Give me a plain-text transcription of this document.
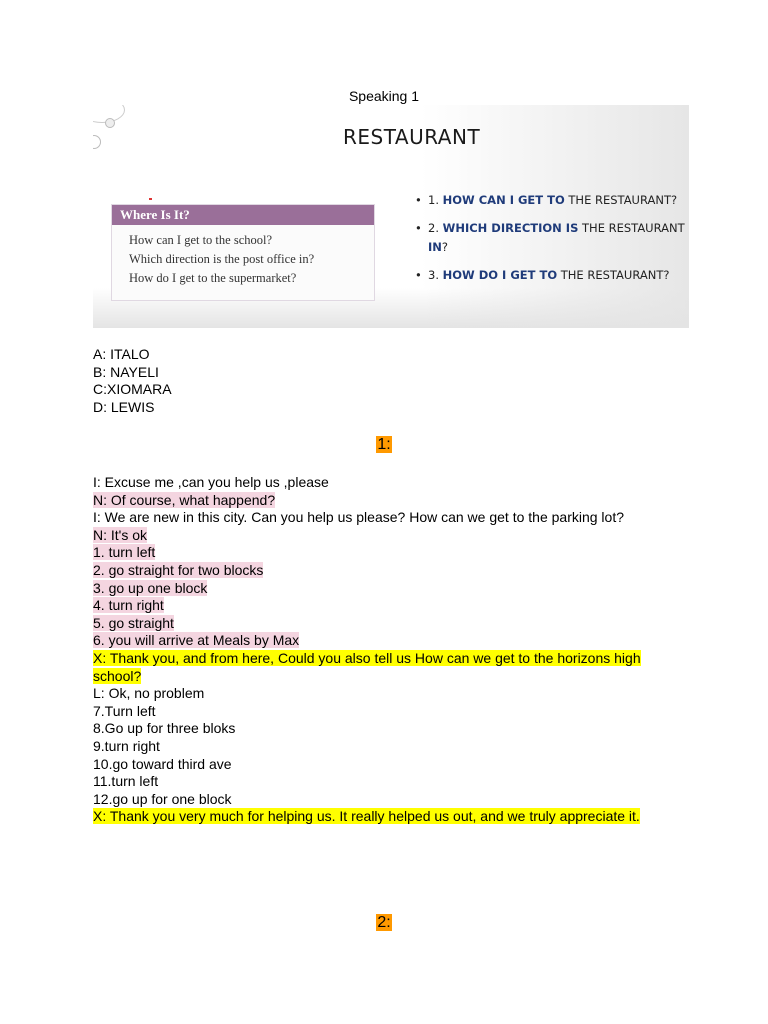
Speaking 1
RESTAURANT
Where Is It?
How can I get to the school?
Which direction is the post office in?
How do I get to the supermarket?
• 1. HOW CAN I GET TO THE RESTAURANT?
• 2. WHICH DIRECTION IS THE RESTAURANT IN?
• 3. HOW DO I GET TO THE RESTAURANT?
A: ITALO
B: NAYELI
C:XIOMARA
D: LEWIS
1:
I: Excuse me ,can you help us ,please
N: Of course, what happend?
I: We are new in this city. Can you help us please? How can we get to the parking lot?
N: It's ok
1. turn left
2. go straight for two blocks
3. go up one block
4. turn right
5. go straight
6. you will arrive at Meals by Max
X: Thank you, and from here, Could you also tell us How can we get to the horizons high school?
L: Ok, no problem
7.Turn left
8.Go up for three bloks
9.turn right
10.go toward third ave
11.turn left
12.go up for one block
X: Thank you very much for helping us. It really helped us out, and we truly appreciate it.
2:
